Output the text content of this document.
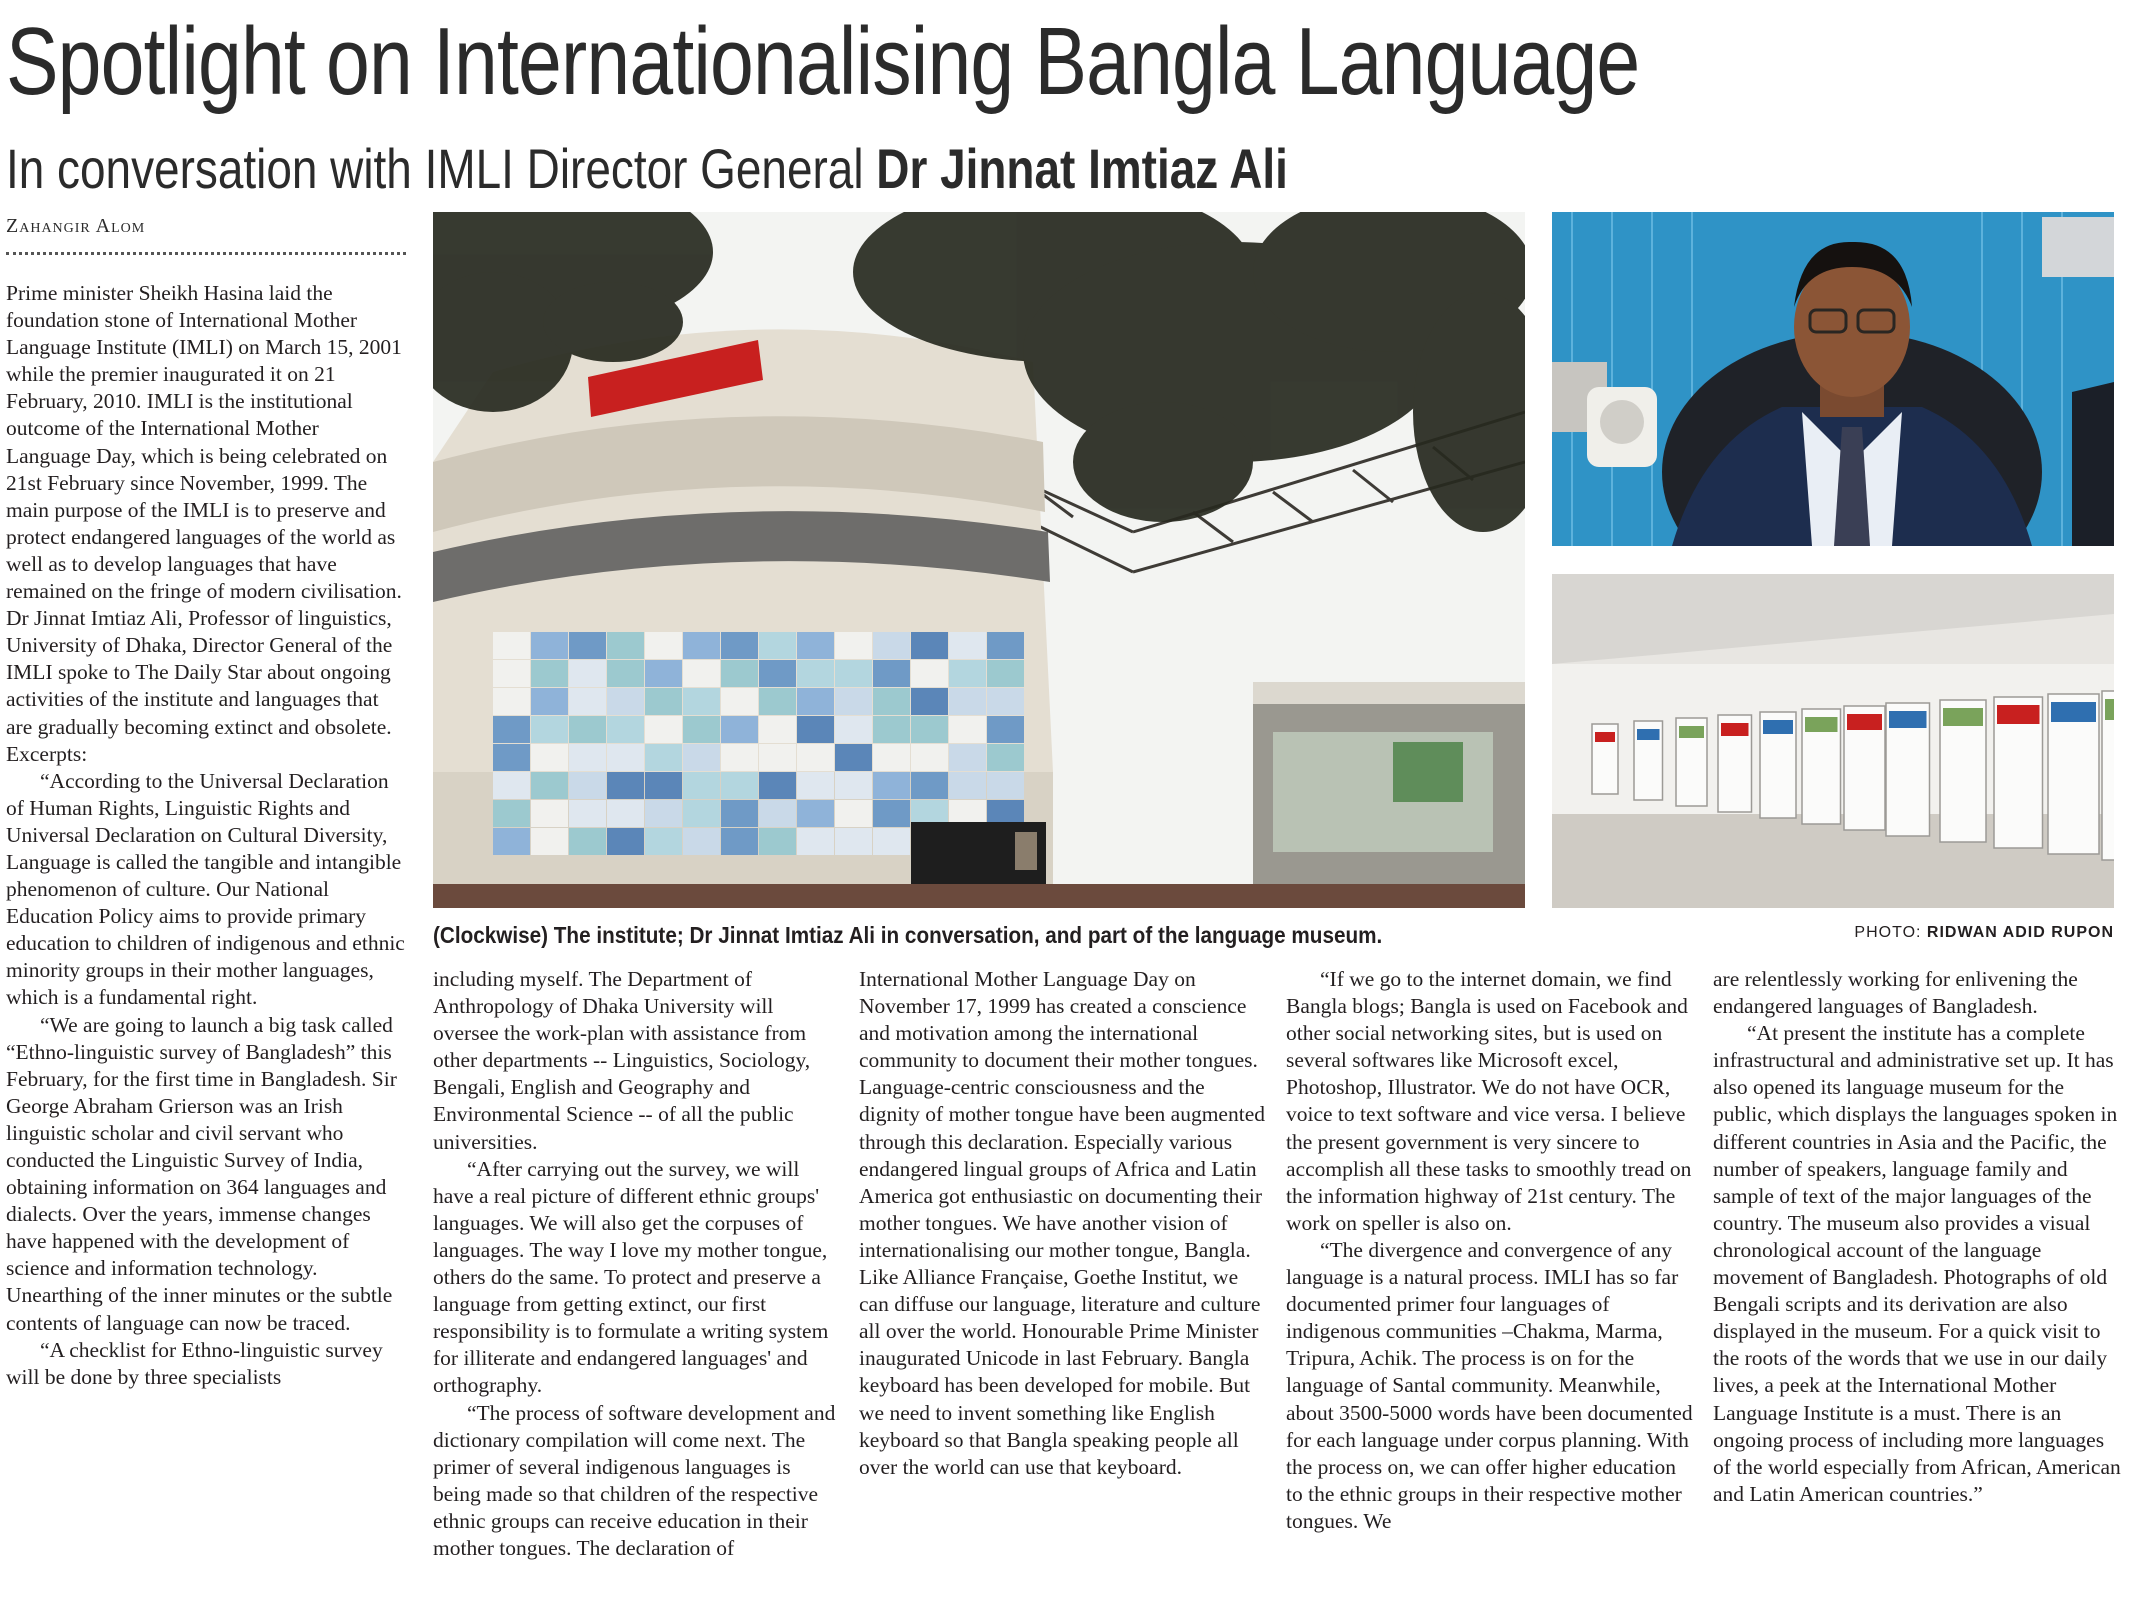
Spotlight on Internationalising Bangla Language
In conversation with IMLI Director General Dr Jinnat Imtiaz Ali
Zahangir Alom

Prime minister Sheikh Hasina laid the foundation stone of International Mother Language Institute (IMLI) on March 15, 2001 while the premier inaugurated it on 21 February, 2010. IMLI is the institutional outcome of the International Mother Language Day, which is being celebrated on 21st February since November, 1999. The main purpose of the IMLI is to preserve and protect endangered languages of the world as well as to develop languages that have remained on the fringe of modern civilisation. Dr Jinnat Imtiaz Ali, Professor of linguistics, University of Dhaka, Director General of the IMLI spoke to The Daily Star about ongoing activities of the institute and languages that are gradually becoming extinct and obsolete. Excerpts:

“According to the Universal Declaration of Human Rights, Linguistic Rights and Universal Declaration on Cultural Diversity, Language is called the tangible and intangible phenomenon of culture. Our National Education Policy aims to provide primary education to children of indigenous and ethnic minority groups in their mother languages, which is a fundamental right.

“We are going to launch a big task called “Ethno-linguistic survey of Bangladesh” this February, for the first time in Bangladesh. Sir George Abraham Grierson was an Irish linguistic scholar and civil servant who conducted the Linguistic Survey of India, obtaining information on 364 languages and dialects. Over the years, immense changes have happened with the development of science and information technology. Unearthing of the inner minutes or the subtle contents of language can now be traced.

“A checklist for Ethno-linguistic survey will be done by three specialists

(Clockwise) The institute; Dr Jinnat Imtiaz Ali in conversation, and part of the language museum.	PHOTO: RIDWAN ADID RUPON

including myself. The Department of Anthropology of Dhaka University will oversee the work-plan with assistance from other departments -- Linguistics, Sociology, Bengali, English and Geography and Environmental Science -- of all the public universities.

“After carrying out the survey, we will have a real picture of different ethnic groups' languages. We will also get the corpuses of languages. The way I love my mother tongue, others do the same. To protect and preserve a language from getting extinct, our first responsibility is to formulate a writing system for illiterate and endangered languages' and orthography.

“The process of software development and dictionary compilation will come next. The primer of several indigenous languages is being made so that children of the respective ethnic groups can receive education in their mother tongues. The declaration of

International Mother Language Day on November 17, 1999 has created a conscience and motivation among the international community to document their mother tongues. Language-centric consciousness and the dignity of mother tongue have been augmented through this declaration. Especially various endangered lingual groups of Africa and Latin America got enthusiastic on documenting their mother tongues. We have another vision of internationalising our mother tongue, Bangla. Like Alliance Française, Goethe Institut, we can diffuse our language, literature and culture all over the world. Honourable Prime Minister inaugurated Unicode in last February. Bangla keyboard has been developed for mobile. But we need to invent something like English keyboard so that Bangla speaking people all over the world can use that keyboard.

“If we go to the internet domain, we find Bangla blogs; Bangla is used on Facebook and other social networking sites, but is used on several softwares like Microsoft excel, Photoshop, Illustrator. We do not have OCR, voice to text software and vice versa. I believe the present government is very sincere to accomplish all these tasks to smoothly tread on the information highway of 21st century. The work on speller is also on.

“The divergence and convergence of any language is a natural process. IMLI has so far documented primer four languages of indigenous communities –Chakma, Marma, Tripura, Achik. The process is on for the language of Santal community. Meanwhile, about 3500-5000 words have been documented for each language under corpus planning. With the process on, we can offer higher education to the ethnic groups in their respective mother tongues. We

are relentlessly working for enlivening the endangered languages of Bangladesh.

“At present the institute has a complete infrastructural and administrative set up. It has also opened its language museum for the public, which displays the languages spoken in different countries in Asia and the Pacific, the number of speakers, language family and sample of text of the major languages of the country. The museum also provides a visual chronological account of the language movement of Bangladesh. Photographs of old Bengali scripts and its derivation are also displayed in the museum. For a quick visit to the roots of the words that we use in our daily lives, a peek at the International Mother Language Institute is a must. There is an ongoing process of including more languages of the world especially from African, American and Latin American countries.”
